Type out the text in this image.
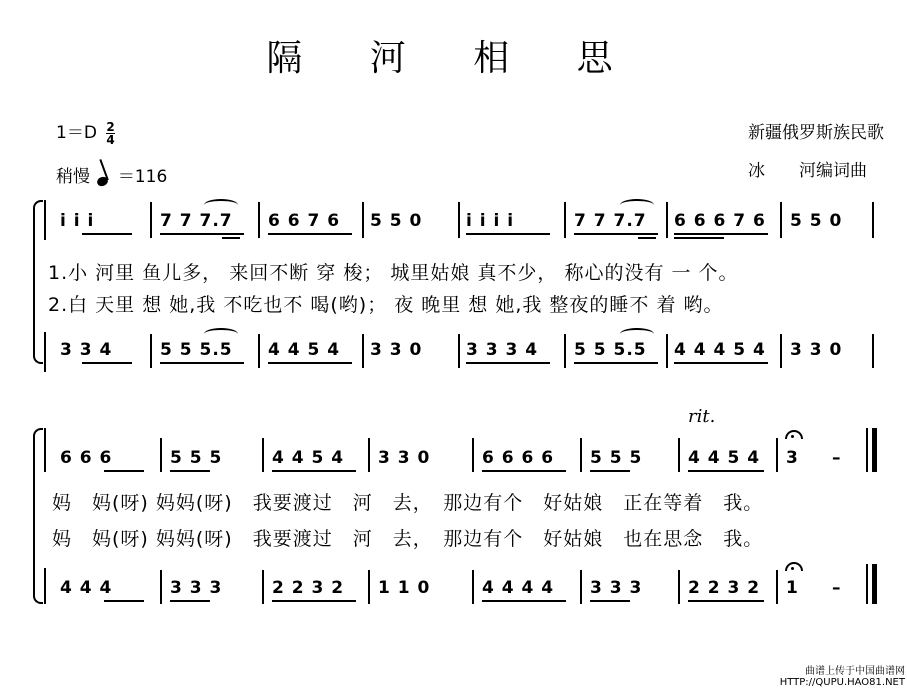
隔 河 相 思
$1=D \frac{2}{4}$
稍慢 ＝116
新疆俄罗斯族民歌
冰　　河编词曲
i i i	7 7 7.7 6 6 7 6 5 5 0	i i i i	7 7 7.7 6 6 6 7 6 5 5 0
1.小 河里 鱼儿多， 来回不断 穿 梭； 城里姑娘 真不少， 称心的没有 一 个。
2.白 天里 想 她,我 不吃也不 喝(哟)； 夜 晚里 想 她,我 整夜的睡不 着 哟。
3 3 4	5 5 5.5 4 4 5 4 3 3 0	3 3 3 4 5 5 5.5 4 4 4 5 4 3 3 0
rit.
6 6 6	5 5 5	4 4 5 4 3 3 0	6 6 6 6 5 5 5	4 4 5 4 3 –
妈　妈(呀) 妈妈(呀)　我要渡过　河　去，　那边有个　好姑娘　正在等着　我。
妈　妈(呀) 妈妈(呀)　我要渡过　河　去，　那边有个　好姑娘　也在思念　我。
4 4 4	3 3 3	2 2 3 2 1 1 0	4 4 4 4 3 3 3	2 2 3 2 1 –
曲谱上传于中国曲谱网
HTTP://QUPU.HAO81.NET
